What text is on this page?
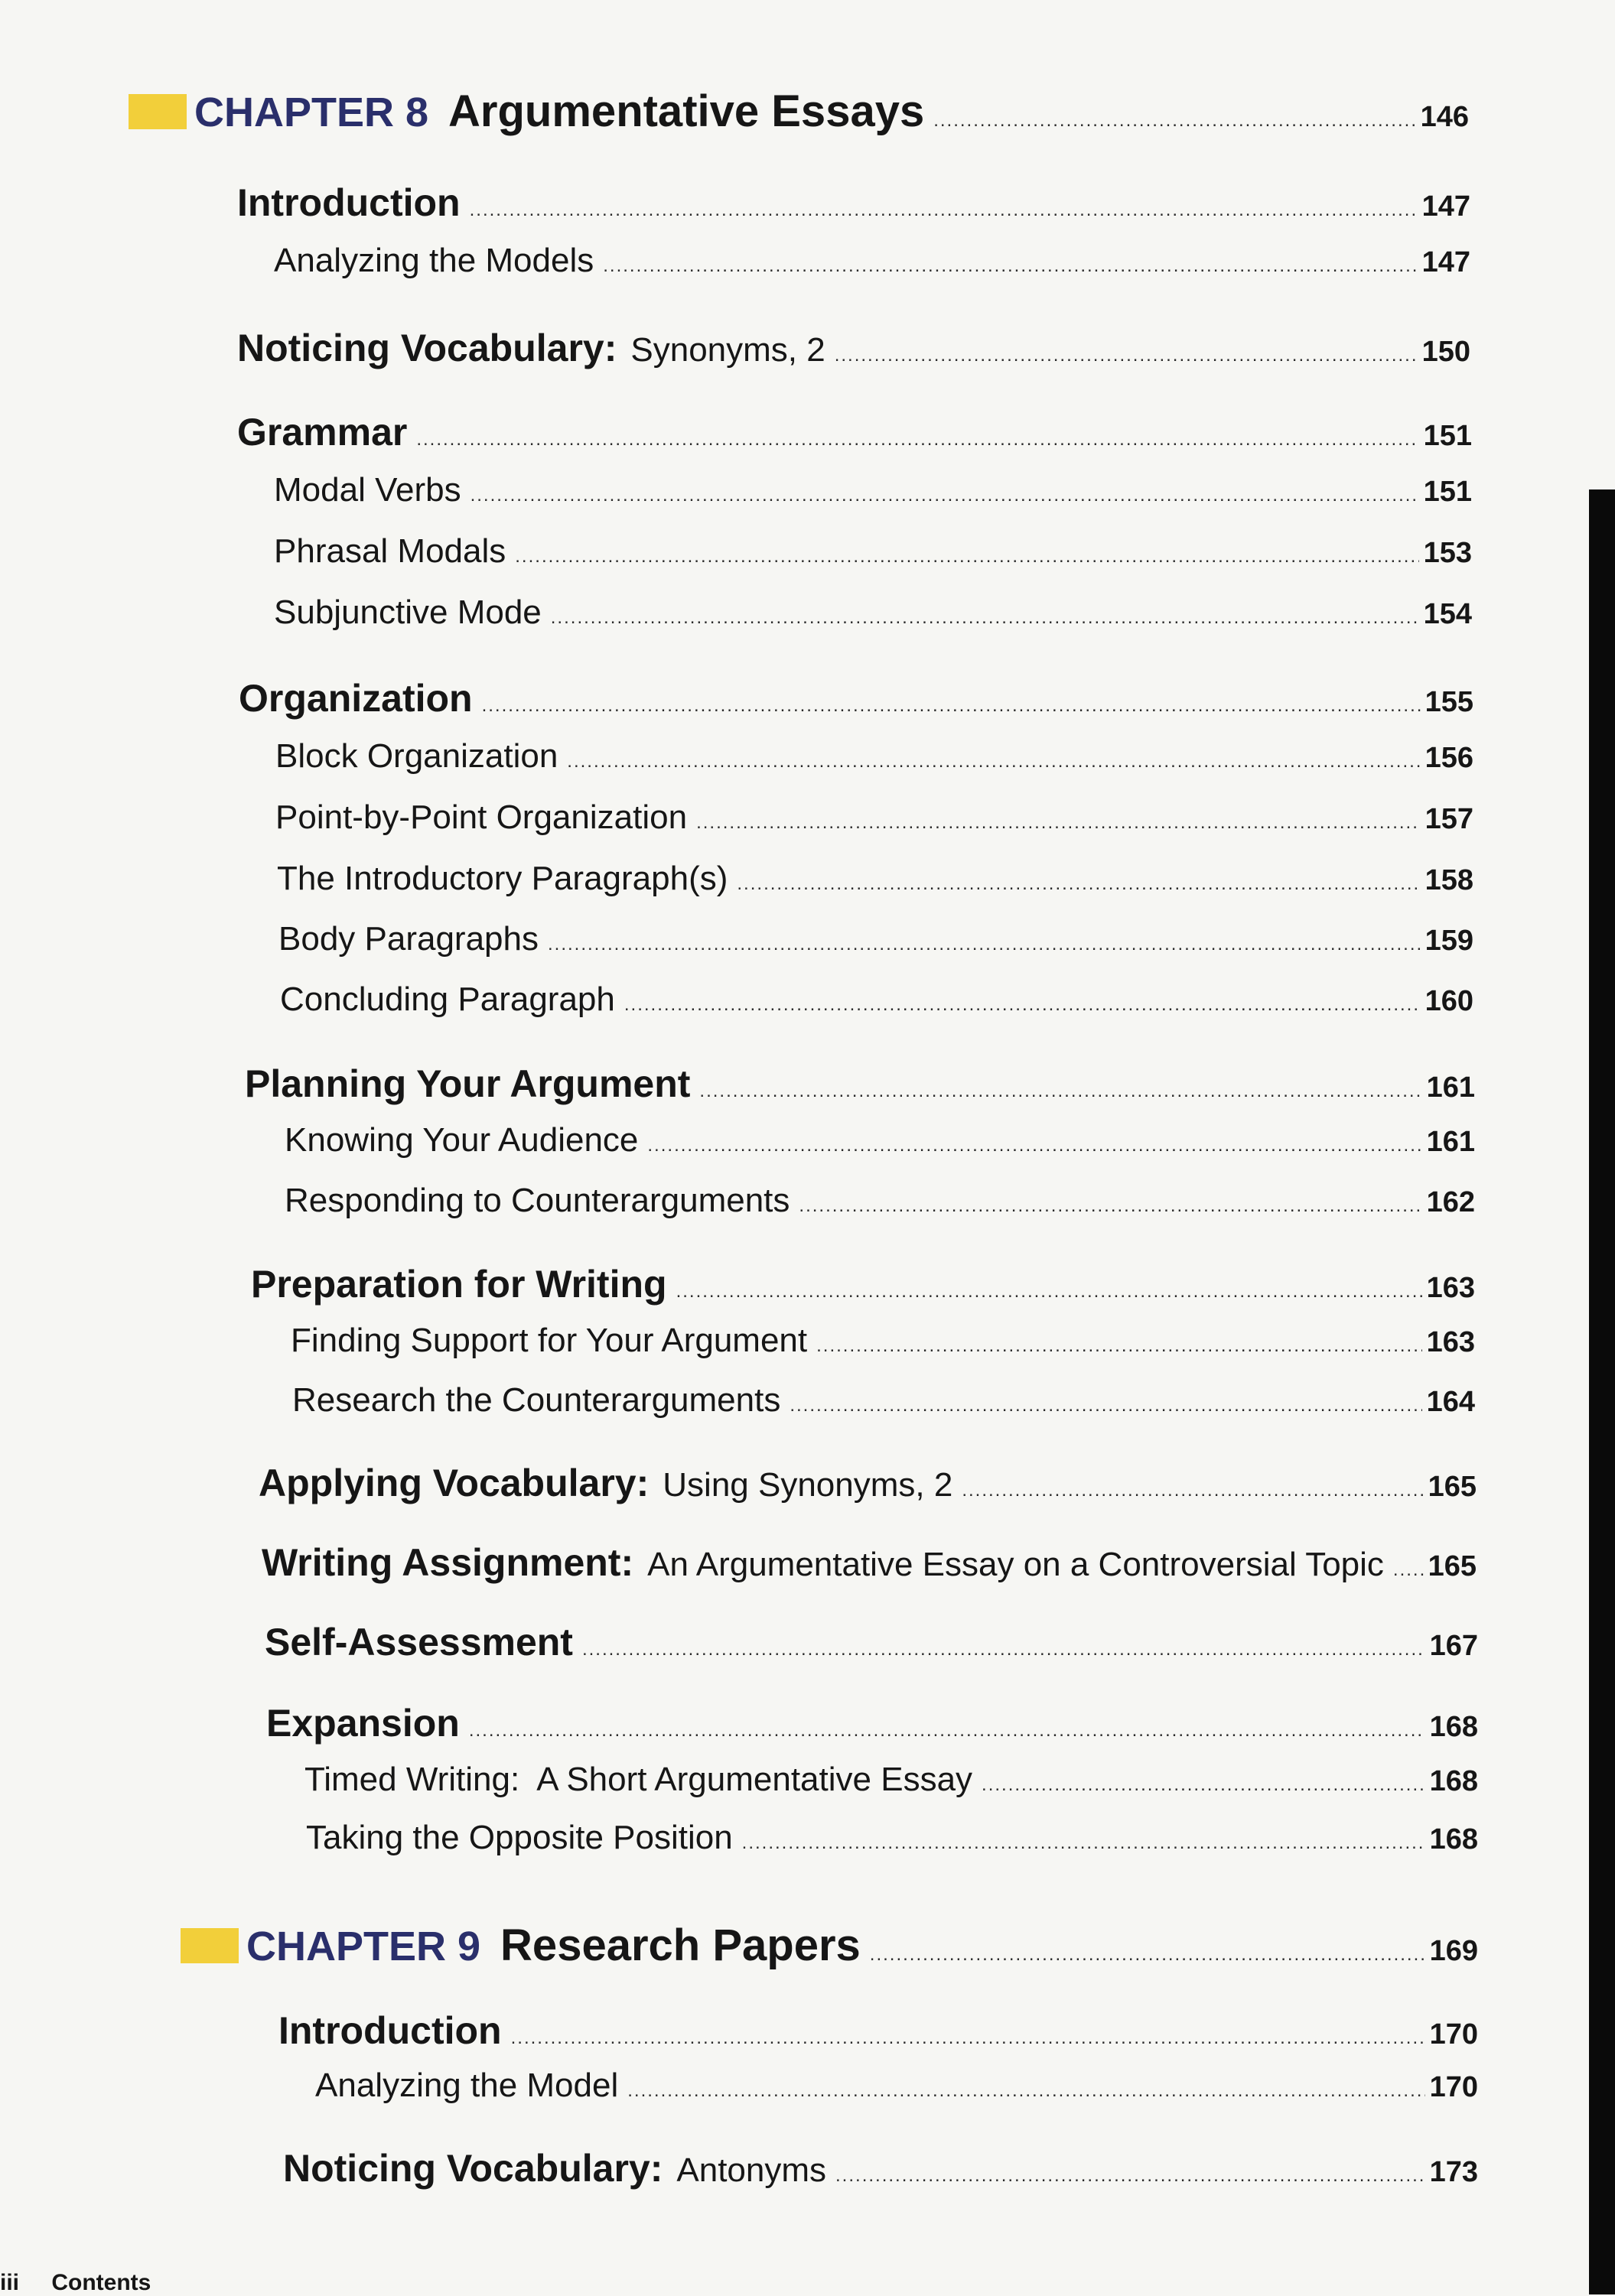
CHAPTER 8 Argumentative Essays .....	146
Introduction .....	147
Analyzing the Models .....	147
Noticing Vocabulary: Synonyms, 2 .....	150
Grammar .....	151
Modal Verbs .....	151
Phrasal Modals .....	153
Subjunctive Mode .....	154
Organization .....	155
Block Organization .....	156
Point-by-Point Organization .....	157
The Introductory Paragraph(s) .....	158
Body Paragraphs .....	159
Concluding Paragraph .....	160
Planning Your Argument .....	161
Knowing Your Audience .....	161
Responding to Counterarguments .....	162
Preparation for Writing .....	163
Finding Support for Your Argument .....	163
Research the Counterarguments .....	164
Applying Vocabulary: Using Synonyms, 2 .....	165
Writing Assignment: An Argumentative Essay on a Controversial Topic ..... 165
Self-Assessment .....	167
Expansion .....	168
Timed Writing:  A Short Argumentative Essay .....	168
Taking the Opposite Position .....	168
CHAPTER 9 Research Papers .....	169
Introduction .....	170
Analyzing the Model .....	170
Noticing Vocabulary: Antonyms .....	173
iii Contents
